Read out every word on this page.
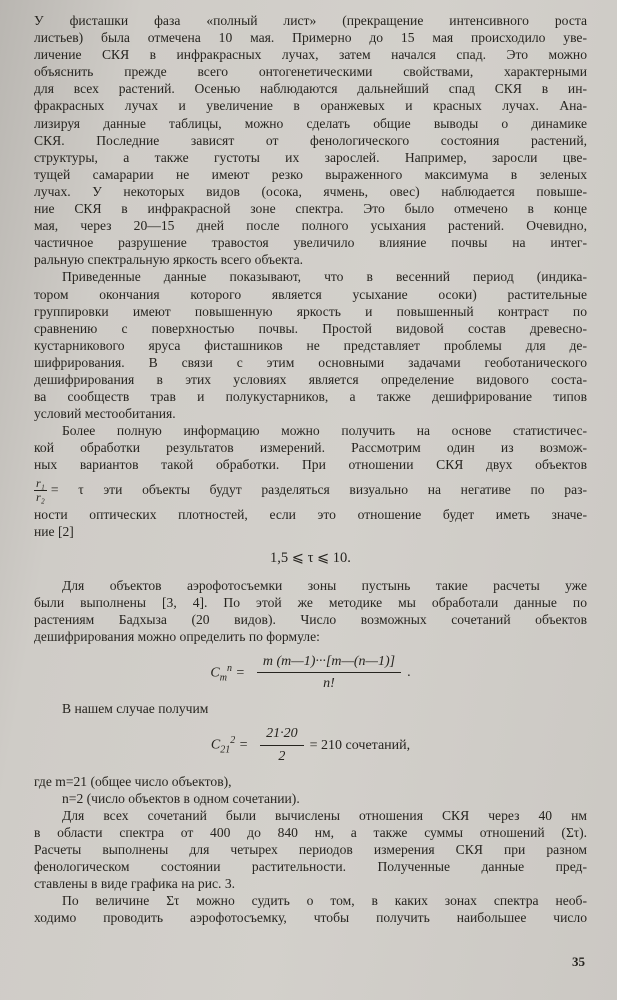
У фисташки фаза «полный лист» (прекращение интенсивного роста
листьев) была отмечена 10 мая. Примерно до 15 мая происходило уве-
личение СКЯ в инфракрасных лучах, затем начался спад. Это можно
объяснить прежде всего онтогенетическими свойствами, характерными
для всех растений. Осенью наблюдаются дальнейший спад СКЯ в ин-
фракрасных лучах и увеличение в оранжевых и красных лучах. Ана-
лизируя данные таблицы, можно сделать общие выводы о динамике
СКЯ. Последние зависят от фенологического состояния растений,
структуры, а также густоты их зарослей. Например, заросли цве-
тущей самарарии не имеют резко выраженного максимума в зеленых
лучах. У некоторых видов (осока, ячмень, овес) наблюдается повыше-
ние СКЯ в инфракрасной зоне спектра. Это было отмечено в конце
мая, через 20—15 дней после полного усыхания растений. Очевидно,
частичное разрушение травостоя увеличило влияние почвы на интег-
ральную спектральную яркость всего объекта.
Приведенные данные показывают, что в весенний период (индика-
тором окончания которого является усыхание осоки) растительные
группировки имеют повышенную яркость и повышенный контраст по
сравнению с поверхностью почвы. Простой видовой состав древесно-
кустарникового яруса фисташников не представляет проблемы для де-
шифрирования. В связи с этим основными задачами геоботанического
дешифрирования в этих условиях является определение видового соста-
ва сообществ трав и полукустарников, а также дешифрирование типов
условий местообитания.
Более полную информацию можно получить на основе статистичес-
кой обработки результатов измерений. Рассмотрим один из возмож-
ных вариантов такой обработки. При отношении СКЯ двух объектов
$\frac{\text{r₁}}{\text{r₂}} = \tau$ эти объекты будут разделяться визуально на негативе по раз-
ности оптических плотностей, если это отношение будет иметь значе-
ние [2]
1,5 ⩽ τ ⩽ 10.
Для объектов аэрофотосъемки зоны пустынь такие расчеты уже
были выполнены [3, 4]. По этой же методике мы обработали данные по
растениям Бадхыза (20 видов). Число возможных сочетаний объектов
дешифрирования можно определить по формуле:
$C_m^n = \frac{m (m—1)\cdot\cdot\cdot[m—(n—1)]}{n!}$ .
В нашем случае получим
$C_{21}^2 = \frac{21\cdot 20}{2} = 210$ сочетаний,
где m=21 (общее число объектов),
n=2 (число объектов в одном сочетании).
Для всех сочетаний были вычислены отношения СКЯ через 40 нм
в области спектра от 400 до 840 нм, а также суммы отношений (Στ).
Расчеты выполнены для четырех периодов измерения СКЯ при разном
фенологическом состоянии растительности. Полученные данные пред-
ставлены в виде графика на рис. 3.
По величине Στ можно судить о том, в каких зонах спектра необ-
ходимо проводить аэрофотосъемку, чтобы получить наибольшее число
35
